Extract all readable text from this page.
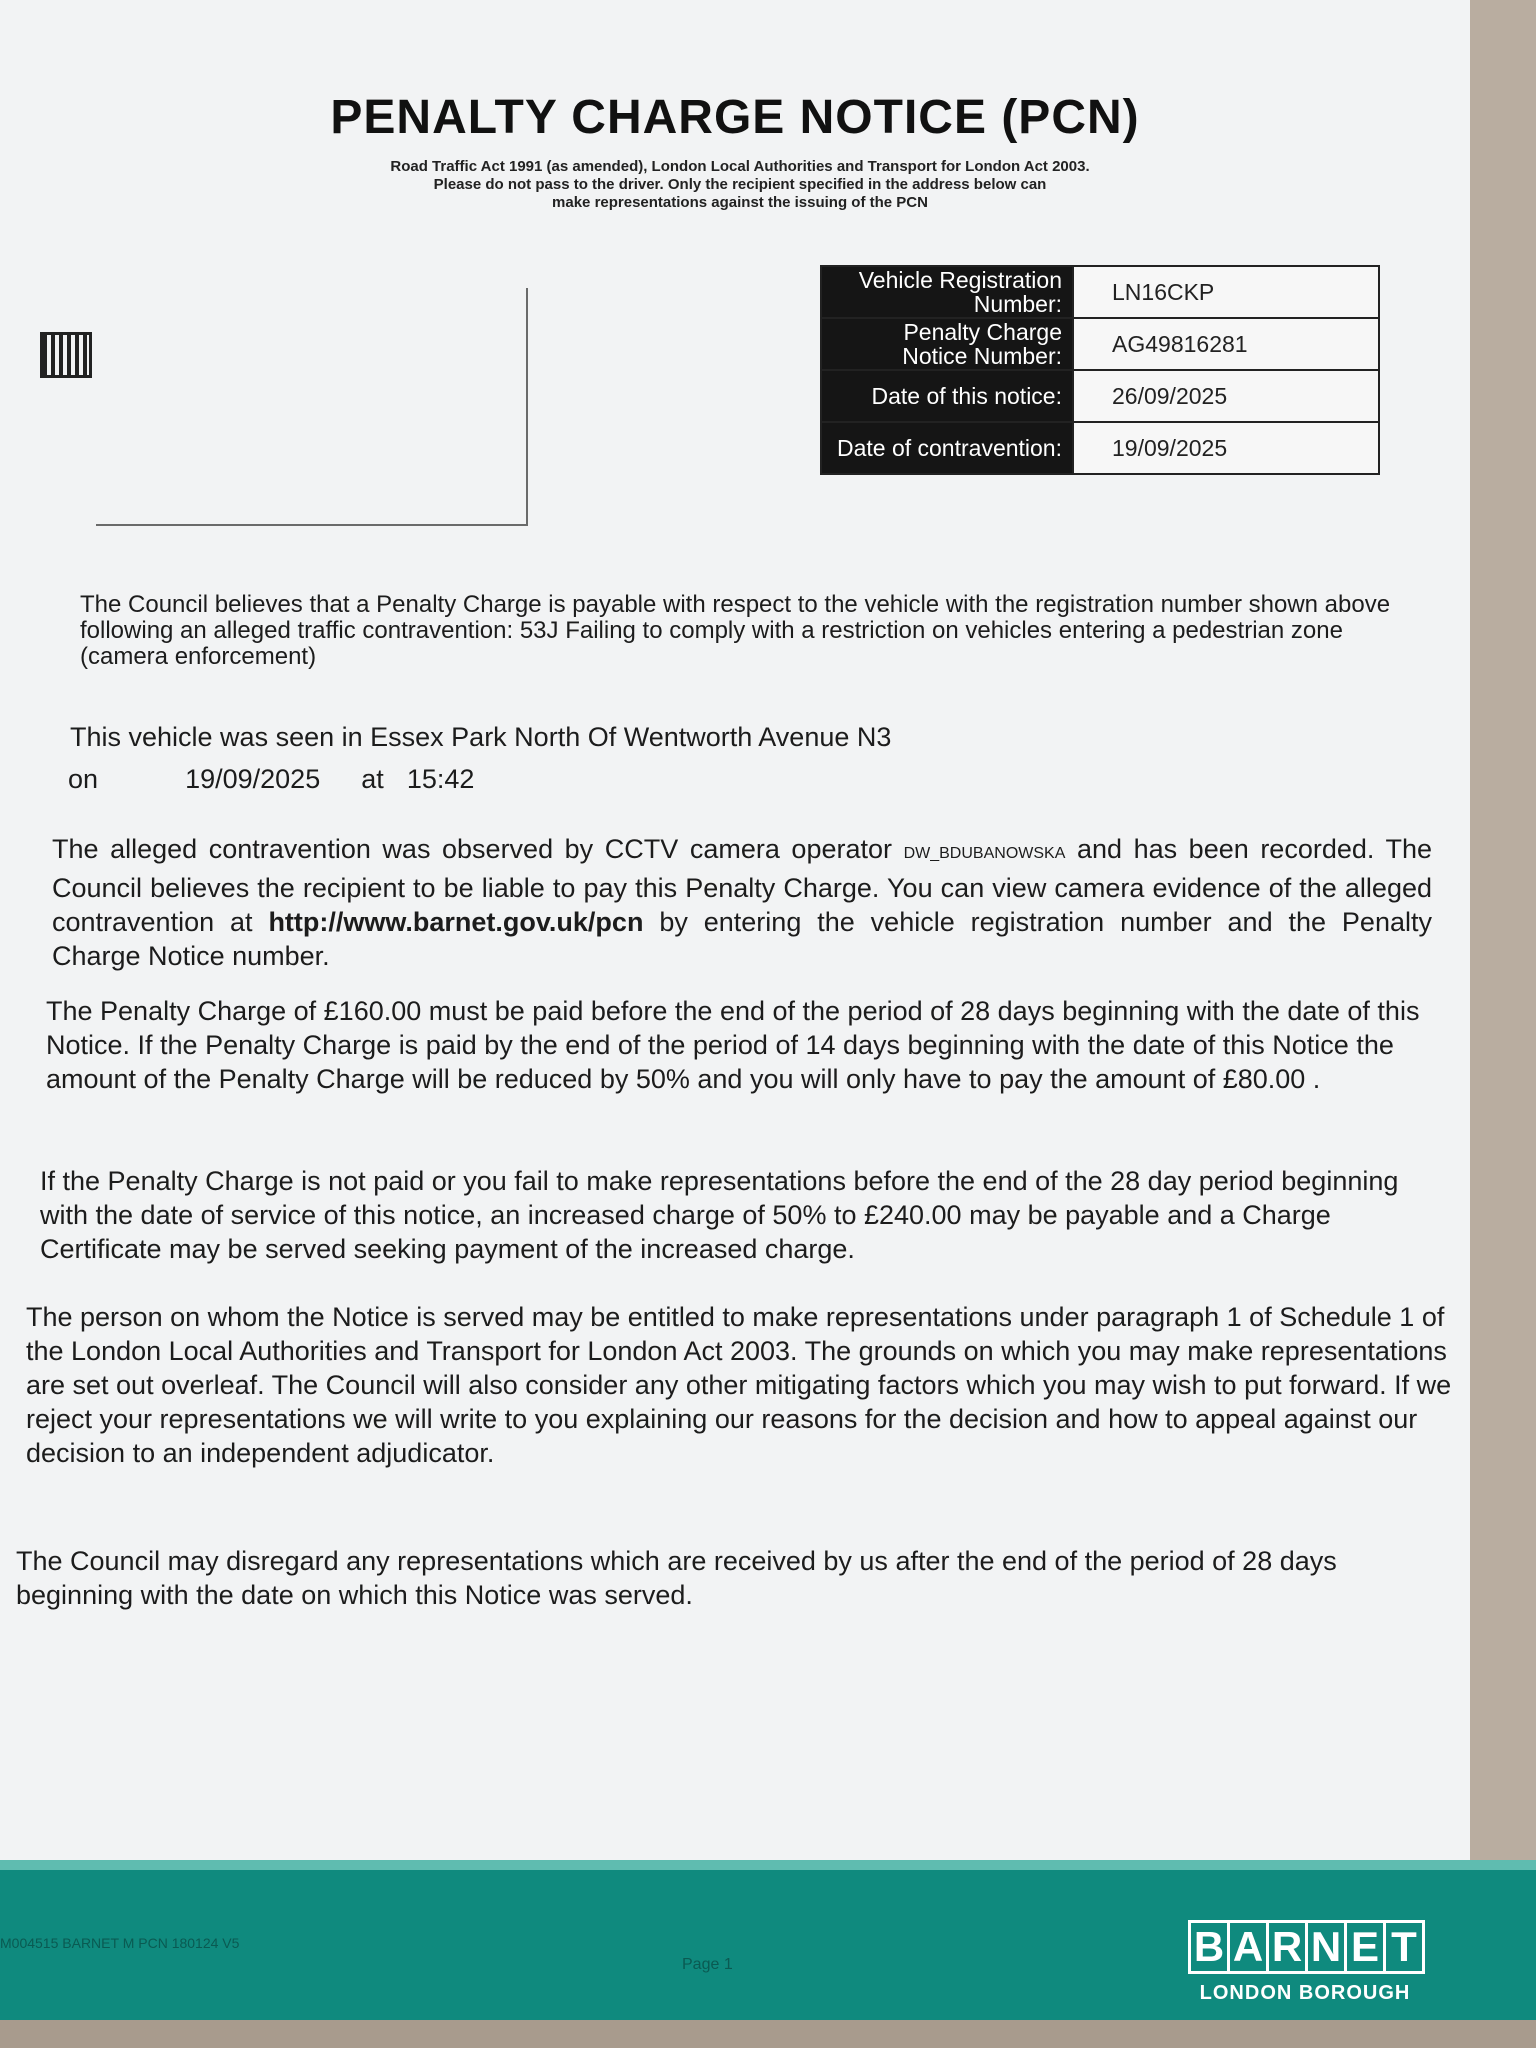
PENALTY CHARGE NOTICE (PCN)
Road Traffic Act 1991 (as amended), London Local Authorities and Transport for London Act 2003.
Please do not pass to the driver. Only the recipient specified in the address below can
make representations against the issuing of the PCN
Vehicle Registration Number:	LN16CKP
Penalty Charge Notice Number:	AG49816281
Date of this notice:	26/09/2025
Date of contravention:	19/09/2025
The Council believes that a Penalty Charge is payable with respect to the vehicle with the registration number shown above following an alleged traffic contravention: 53J Failing to comply with a restriction on vehicles entering a pedestrian zone (camera enforcement)
This vehicle was seen in Essex Park North Of Wentworth Avenue N3
on	19/09/2025 at 15:42
The alleged contravention was observed by CCTV camera operator DW_BDUBANOWSKA and has been recorded. The Council believes the recipient to be liable to pay this Penalty Charge. You can view camera evidence of the alleged contravention at http://www.barnet.gov.uk/pcn by entering the vehicle registration number and the Penalty Charge Notice number.
The Penalty Charge of £160.00 must be paid before the end of the period of 28 days beginning with the date of this Notice. If the Penalty Charge is paid by the end of the period of 14 days beginning with the date of this Notice the amount of the Penalty Charge will be reduced by 50% and you will only have to pay the amount of £80.00 .
If the Penalty Charge is not paid or you fail to make representations before the end of the 28 day period beginning with the date of service of this notice, an increased charge of 50% to £240.00 may be payable and a Charge Certificate may be served seeking payment of the increased charge.
The person on whom the Notice is served may be entitled to make representations under paragraph 1 of Schedule 1 of the London Local Authorities and Transport for London Act 2003. The grounds on which you may make representations are set out overleaf. The Council will also consider any other mitigating factors which you may wish to put forward. If we reject your representations we will write to you explaining our reasons for the decision and how to appeal against our decision to an independent adjudicator.
The Council may disregard any representations which are received by us after the end of the period of 28 days beginning with the date on which this Notice was served.
M004515 BARNET M PCN 180124 V5
Page 1	B A R N E T
LONDON BOROUGH
